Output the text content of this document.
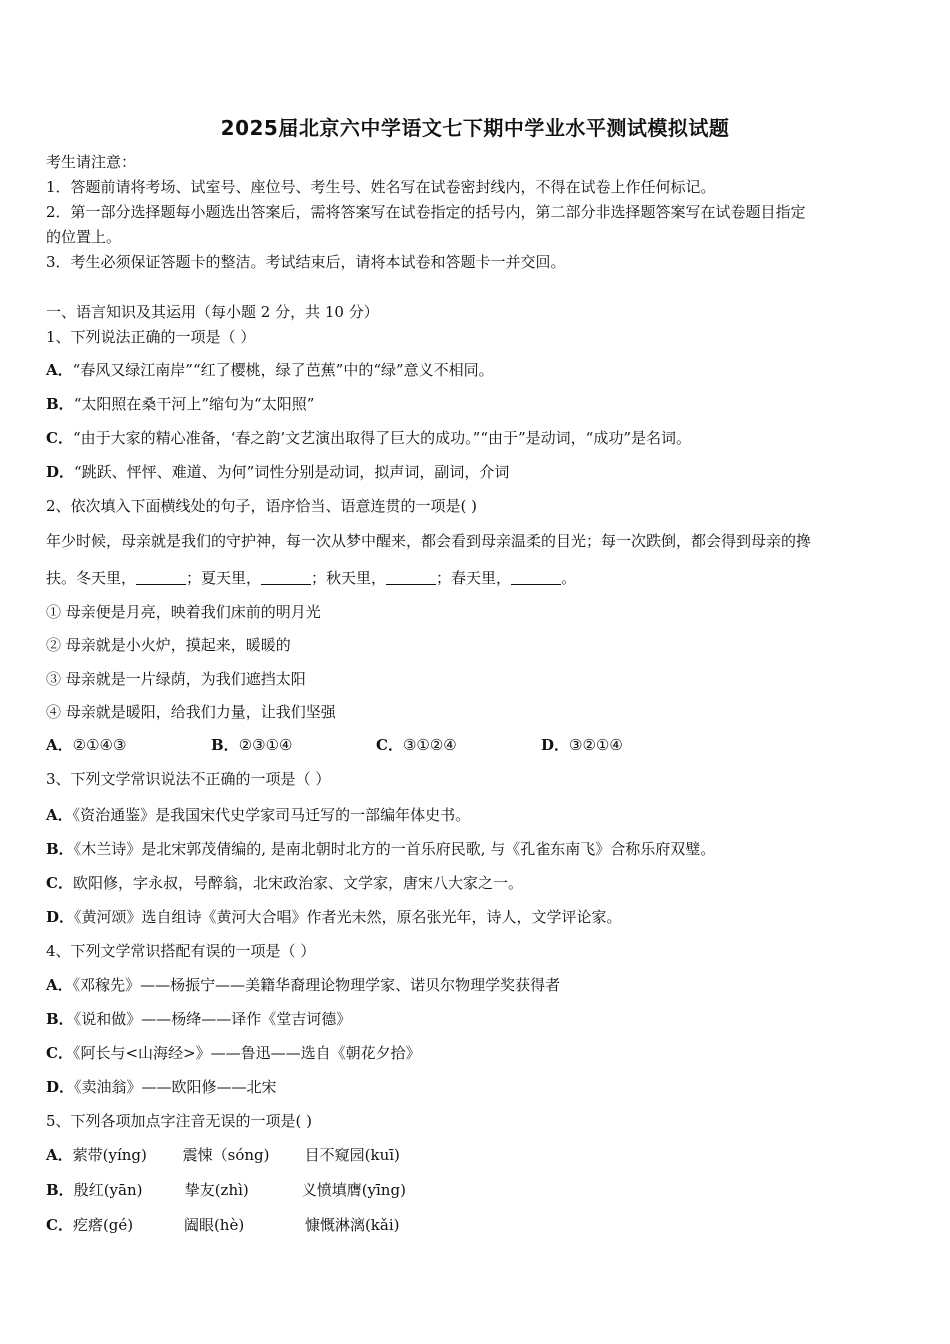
2025届北京六中学语文七下期中学业水平测试模拟试题
考生请注意：
1．答题前请将考场、试室号、座位号、考生号、姓名写在试卷密封线内，不得在试卷上作任何标记。
2．第一部分选择题每小题选出答案后，需将答案写在试卷指定的括号内，第二部分非选择题答案写在试卷题目指定
的位置上。
3．考生必须保证答题卡的整洁。考试结束后，请将本试卷和答题卡一并交回。
一、语言知识及其运用（每小题 2 分，共 10 分）
1、下列说法正确的一项是（ ）
A．“春风又绿江南岸”“红了樱桃，绿了芭蕉”中的“绿”意义不相同。
B．“太阳照在桑干河上”缩句为“太阳照”
C．“由于大家的精心准备，‘春之韵’文艺演出取得了巨大的成功。”“由于”是动词，“成功”是名词。
D．“跳跃、怦怦、难道、为何”词性分别是动词，拟声词，副词，介词
2、依次填入下面横线处的句子，语序恰当、语意连贯的一项是( )
年少时候，母亲就是我们的守护神，每一次从梦中醒来，都会看到母亲温柔的目光；每一次跌倒，都会得到母亲的搀
扶。冬天里，	；夏天里，	；秋天里，	；春天里，	。
① 母亲便是月亮，映着我们床前的明月光
② 母亲就是小火炉，摸起来，暖暖的
③ 母亲就是一片绿荫，为我们遮挡太阳
④ 母亲就是暖阳，给我们力量，让我们坚强
A．②①④③	B．②③①④	C．③①②④	D．③②①④
3、下列文学常识说法不正确的一项是（ ）
A．《资治通鉴》是我国宋代史学家司马迁写的一部编年体史书。
B．《木兰诗》是北宋郭茂倩编的, 是南北朝时北方的一首乐府民歌, 与《孔雀东南飞》合称乐府双璧。
C．欧阳修，字永叔，号醉翁，北宋政治家、文学家，唐宋八大家之一。
D．《黄河颂》选自组诗《黄河大合唱》作者光未然，原名张光年，诗人，文学评论家。
4、下列文学常识搭配有误的一项是（ ）
A．《邓稼先》——杨振宁——美籍华裔理论物理学家、诺贝尔物理学奖获得者
B．《说和做》——杨绛——译作《堂吉诃德》
C．《阿长与<山海经>》——鲁迅——选自《朝花夕拾》
D．《卖油翁》——欧阳修——北宋
5、下列各项加点字注音无误的一项是( )
A．萦带(yíng) 震悚（sóng) 目不窥园(kuī)
B．殷红(yān)	挚友(zhì)	义愤填膺(yīng)
C．疙瘩(gé)	阖眼(hè)	慷慨淋漓(kǎi)
